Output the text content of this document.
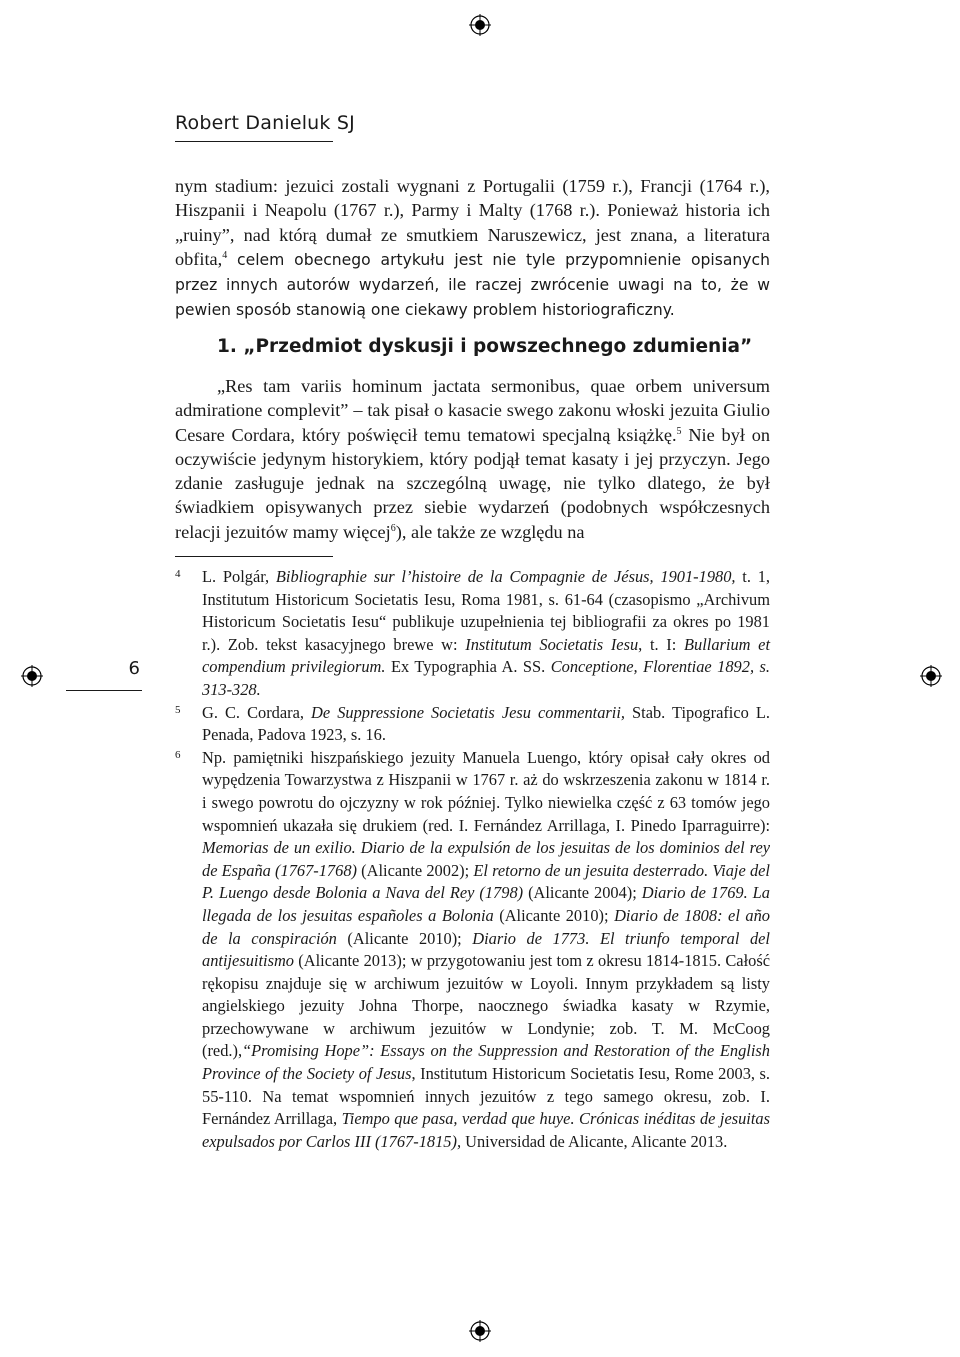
Robert Danieluk SJ

nym stadium: jezuici zostali wygnani z Portugalii (1759 r.), Francji (1764 r.), Hiszpanii i Neapolu (1767 r.), Parmy i Malty (1768 r.). Ponieważ historia ich „ruiny”, nad którą dumał ze smutkiem Naruszewicz, jest znana, a literatura obfita,$^4$ celem obecnego artykułu jest nie tyle przypomnienie opisanych przez innych autorów wydarzeń, ile raczej zwrócenie uwagi na to, że w pewien sposób stanowią one ciekawy problem historiograficzny.

1. „Przedmiot dyskusji i powszechnego zdumienia”

„Res tam variis hominum jactata sermonibus, quae orbem universum admiratione complevit” – tak pisał o kasacie swego zakonu włoski jezuita Giulio Cesare Cordara, który poświęcił temu tematowi specjalną książkę.$^5$ Nie był on oczywiście jedynym historykiem, który podjął temat kasaty i jej przyczyn. Jego zdanie zasługuje jednak na szczególną uwagę, nie tylko dlatego, że był świadkiem opisywanych przez siebie wydarzeń (podobnych współczesnych relacji jezuitów mamy więcej$^6$), ale także ze względu na

4 L. Polgár, Bibliographie sur l’histoire de la Compagnie de Jésus, 1901-1980, t. 1, Institutum Historicum Societatis Iesu, Roma 1981, s. 61-64 (czasopismo „Archivum Historicum Societatis Iesu“ publikuje uzupełnienia tej bibliografii za okres po 1981 r.). Zob. tekst kasacyjnego brewe w: Institutum Societatis Iesu, t. I: Bullarium et compendium privilegiorum. Ex Typographia A. SS. Conceptione, Florentiae 1892, s. 313-328.
5 G. C. Cordara, De Suppressione Societatis Jesu commentarii, Stab. Tipografico L. Penada, Padova 1923, s. 16.
6 Np. pamiętniki hiszpańskiego jezuity Manuela Luengo, który opisał cały okres od wypędzenia Towarzystwa z Hiszpanii w 1767 r. aż do wskrzeszenia zakonu w 1814 r. i swego powrotu do ojczyzny w rok później. Tylko niewielka część z 63 tomów jego wspomnień ukazała się drukiem (red. I. Fernández Arrillaga, I. Pinedo Iparraguirre): Memorias de un exilio. Diario de la expulsión de los jesuitas de los dominios del rey de España (1767-1768) (Alicante 2002); El retorno de un jesuita desterrado. Viaje del P. Luengo desde Bolonia a Nava del Rey (1798) (Alicante 2004); Diario de 1769. La llegada de los jesuitas españoles a Bolonia (Alicante 2010); Diario de 1808: el año de la conspiración (Alicante 2010); Diario de 1773. El triunfo temporal del antijesuitismo (Alicante 2013); w przygotowaniu jest tom z okresu 1814-1815. Całość rękopisu znajduje się w archiwum jezuitów w Loyoli. Innym przykładem są listy angielskiego jezuity Johna Thorpe, naocznego świadka kasaty w Rzymie, przechowywane w archiwum jezuitów w Londynie; zob. T. M. McCoog (red.),“Promising Hope”: Essays on the Suppression and Restoration of the English Province of the Society of Jesus, Institutum Historicum Societatis Iesu, Rome 2003, s. 55-110. Na temat wspomnień innych jezuitów z tego samego okresu, zob. I. Fernández Arrillaga, Tiempo que pasa, verdad que huye. Crónicas inéditas de jesuitas expulsados por Carlos III (1767-1815), Universidad de Alicante, Alicante 2013.
6
